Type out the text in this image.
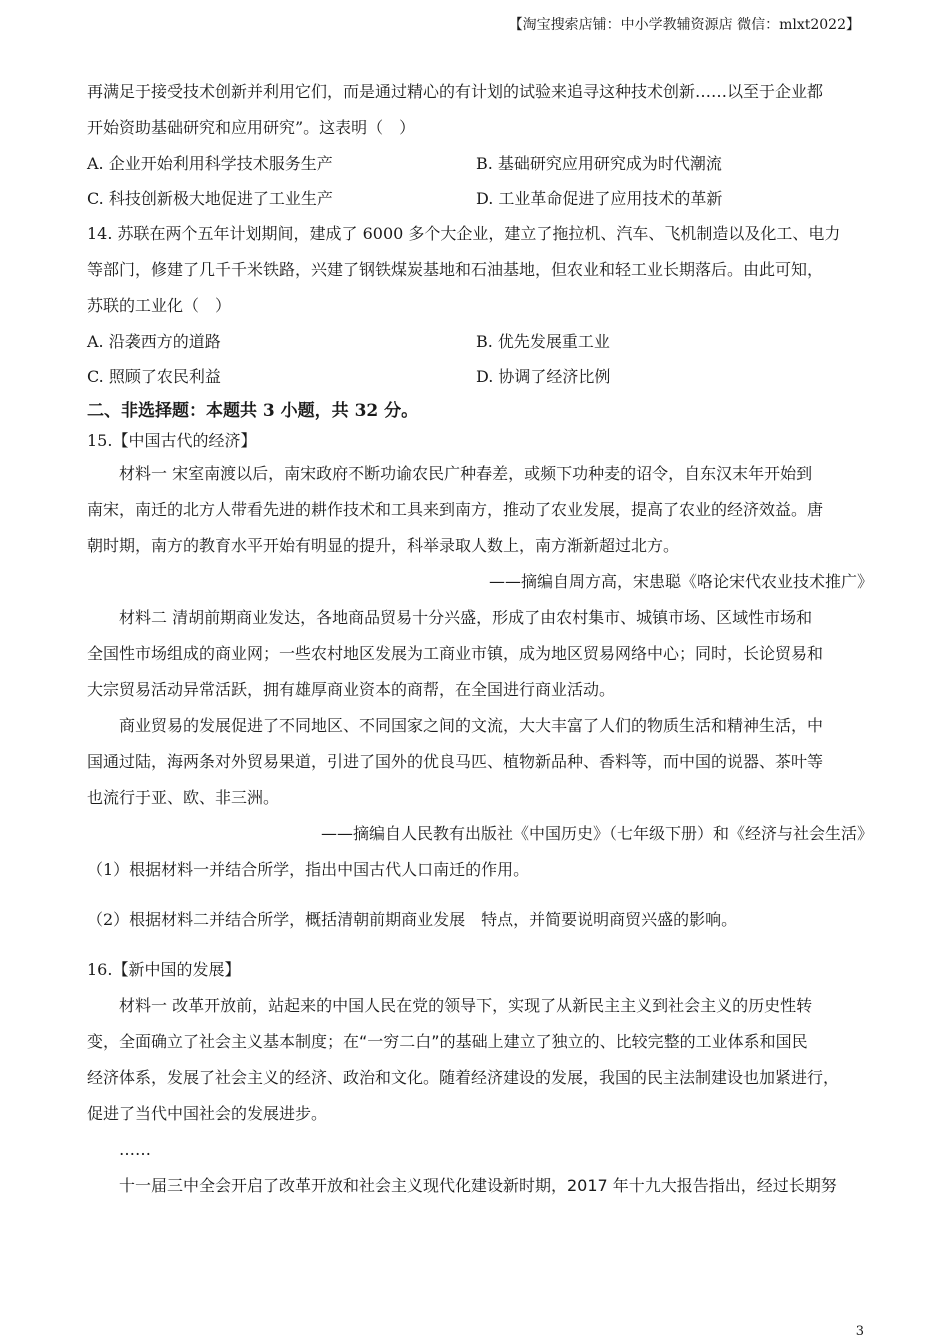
【淘宝搜索店铺：中小学教辅资源店 微信：mlxt2022】
再满足于接受技术创新并利用它们，而是通过精心的有计划的试验来追寻这种技术创新……以至于企业都
开始资助基础研究和应用研究”。这表明（　）
A. 企业开始利用科学技术服务生产	B. 基础研究应用研究成为时代潮流
C. 科技创新极大地促进了工业生产	D. 工业革命促进了应用技术的革新
14. 苏联在两个五年计划期间，建成了 6000 多个大企业，建立了拖拉机、汽车、飞机制造以及化工、电力
等部门，修建了几千千米铁路，兴建了钢铁煤炭基地和石油基地，但农业和轻工业长期落后。由此可知，
苏联的工业化（　）
A. 沿袭西方的道路	B. 优先发展重工业
C. 照顾了农民利益	D. 协调了经济比例
二、非选择题：本题共 3 小题，共 32 分。
15.【中国古代的经济】
材料一 宋室南渡以后，南宋政府不断功谕农民广种春差，或频下功种麦的诏令，自东汉末年开始到
南宋，南迁的北方人带看先进的耕作技术和工具来到南方，推动了农业发展，提高了农业的经济效益。唐
朝时期，南方的教育水平开始有明显的提升，科举录取人数上，南方渐新超过北方。
——摘编自周方高，宋患聪《咯论宋代农业技术推广》
材料二 清胡前期商业发达，各地商品贸易十分兴盛，形成了由农村集市、城镇市场、区域性市场和
全国性市场组成的商业网；一些农村地区发展为工商业市镇，成为地区贸易网络中心；同时，长论贸易和
大宗贸易活动异常活跃，拥有雄厚商业资本的商帮，在全国进行商业活动。
商业贸易的发展促进了不同地区、不同国家之间的文流，大大丰富了人们的物质生活和精神生活，中
国通过陆，海两条对外贸易果道，引进了国外的优良马匹、植物新品种、香料等，而中国的说器、茶叶等
也流行于亚、欧、非三洲。
——摘编自人民教有出版社《中国历史》（七年级下册）和《经济与社会生活》
（1）根据材料一并结合所学，指出中国古代人口南迁的作用。
（2）根据材料二并结合所学，概括清朝前期商业发展　特点，并简要说明商贸兴盛的影响。
16.【新中国的发展】
材料一 改革开放前，站起来的中国人民在党的领导下，实现了从新民主主义到社会主义的历史性转
变，全面确立了社会主义基本制度；在“一穷二白”的基础上建立了独立的、比较完整的工业体系和国民
经济体系，发展了社会主义的经济、政治和文化。随着经济建设的发展，我国的民主法制建设也加紧进行，
促进了当代中国社会的发展进步。
……
十一届三中全会开启了改革开放和社会主义现代化建设新时期，2017 年十九大报告指出，经过长期努
3
